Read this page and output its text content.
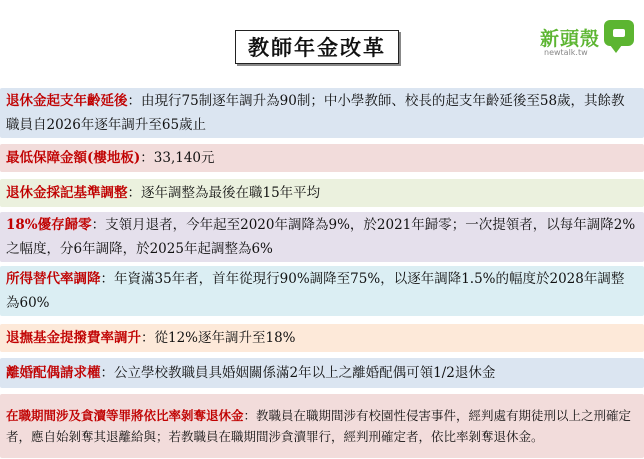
教師年金改革	新頭殼
newtalk.tw
退休金起支年齡延後：由現行75制逐年調升為90制；中小學教師、校長的起支年齡延後至58歲，其餘教職員自2026年逐年調升至65歲止
最低保障金額(樓地板)：33,140元
退休金採記基準調整：逐年調整為最後在職15年平均
18%優存歸零：支領月退者，今年起至2020年調降為9%，於2021年歸零；一次提領者，以每年調降2%之幅度，分6年調降，於2025年起調整為6%
所得替代率調降：年資滿35年者，首年從現行90%調降至75%，以逐年調降1.5%的幅度於2028年調整為60%
退撫基金提撥費率調升：從12%逐年調升至18%
離婚配偶請求權：公立學校教職員具婚姻關係滿2年以上之離婚配偶可領1/2退休金
在職期間涉及貪瀆等罪將依比率剝奪退休金：教職員在職期間涉有校園性侵害事件，經判處有期徒刑以上之刑確定者，應自始剝奪其退離給與；若教職員在職期間涉貪瀆罪行，經判刑確定者，依比率剝奪退休金。
